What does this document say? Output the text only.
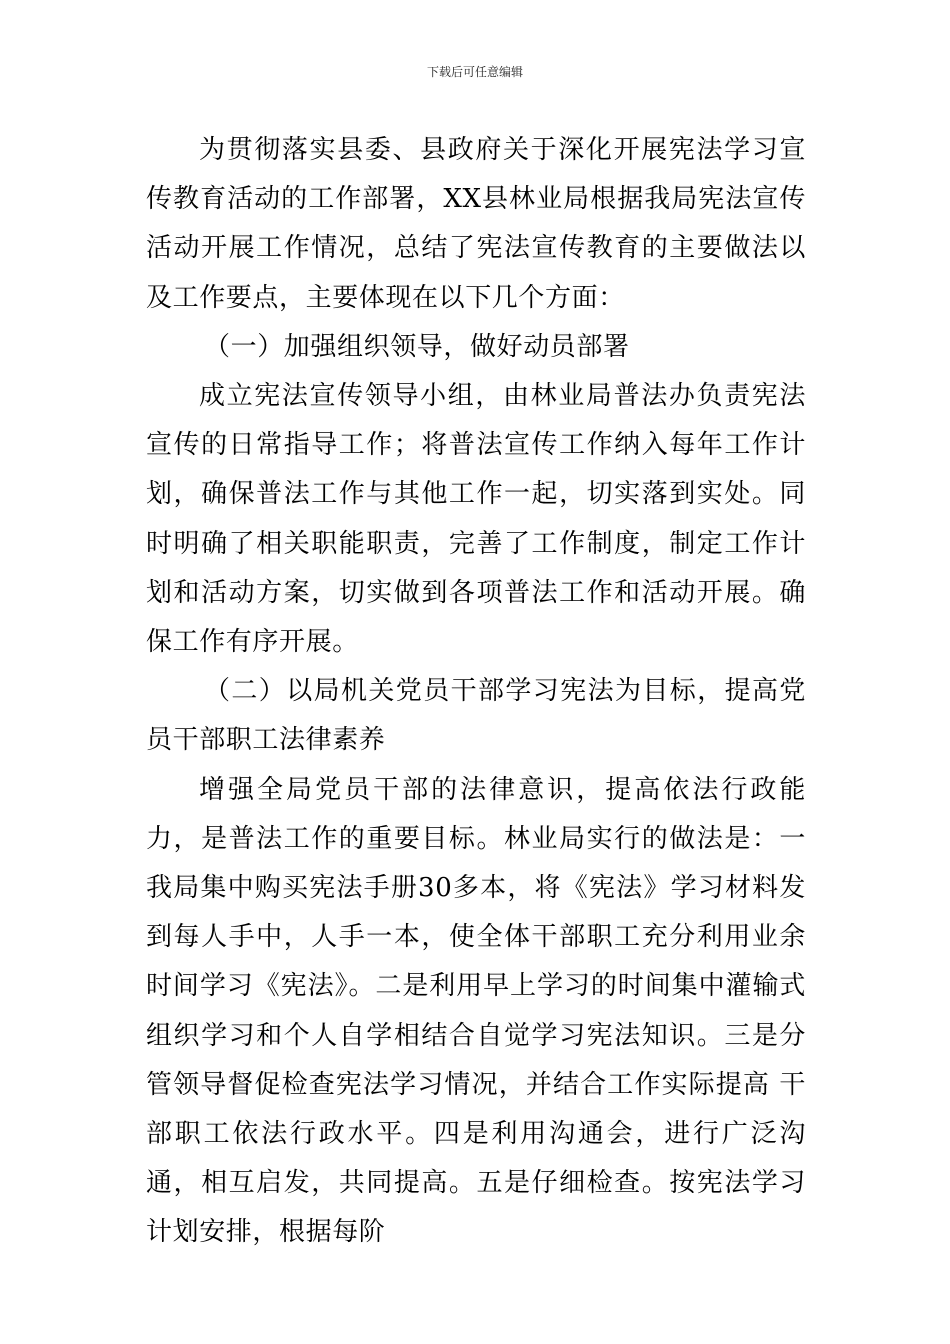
下载后可任意编辑

为贯彻落实县委、县政府关于深化开展宪法学习宣传教育活动的工作部署，XX县林业局根据我局宪法宣传活动开展工作情况，总结了宪法宣传教育的主要做法以及工作要点，主要体现在以下几个方面：

（一）加强组织领导，做好动员部署

成立宪法宣传领导小组，由林业局普法办负责宪法宣传的日常指导工作；将普法宣传工作纳入每年工作计划，确保普法工作与其他工作一起，切实落到实处。同时明确了相关职能职责，完善了工作制度，制定工作计划和活动方案，切实做到各项普法工作和活动开展。确保工作有序开展。

（二）以局机关党员干部学习宪法为目标，提高党员干部职工法律素养

增强全局党员干部的法律意识，提高依法行政能力，是普法工作的重要目标。林业局实行的做法是：一我局集中购买宪法手册30多本，将《宪法》学习材料发到每人手中，人手一本，使全体干部职工充分利用业余时间学习《宪法》。二是利用早上学习的时间集中灌输式组织学习和个人自学相结合自觉学习宪法知识。三是分管领导督促检查宪法学习情况，并结合工作实际提高 干部职工依法行政水平。四是利用沟通会，进行广泛沟通，相互启发，共同提高。五是仔细检查。按宪法学习计划安排，根据每阶
